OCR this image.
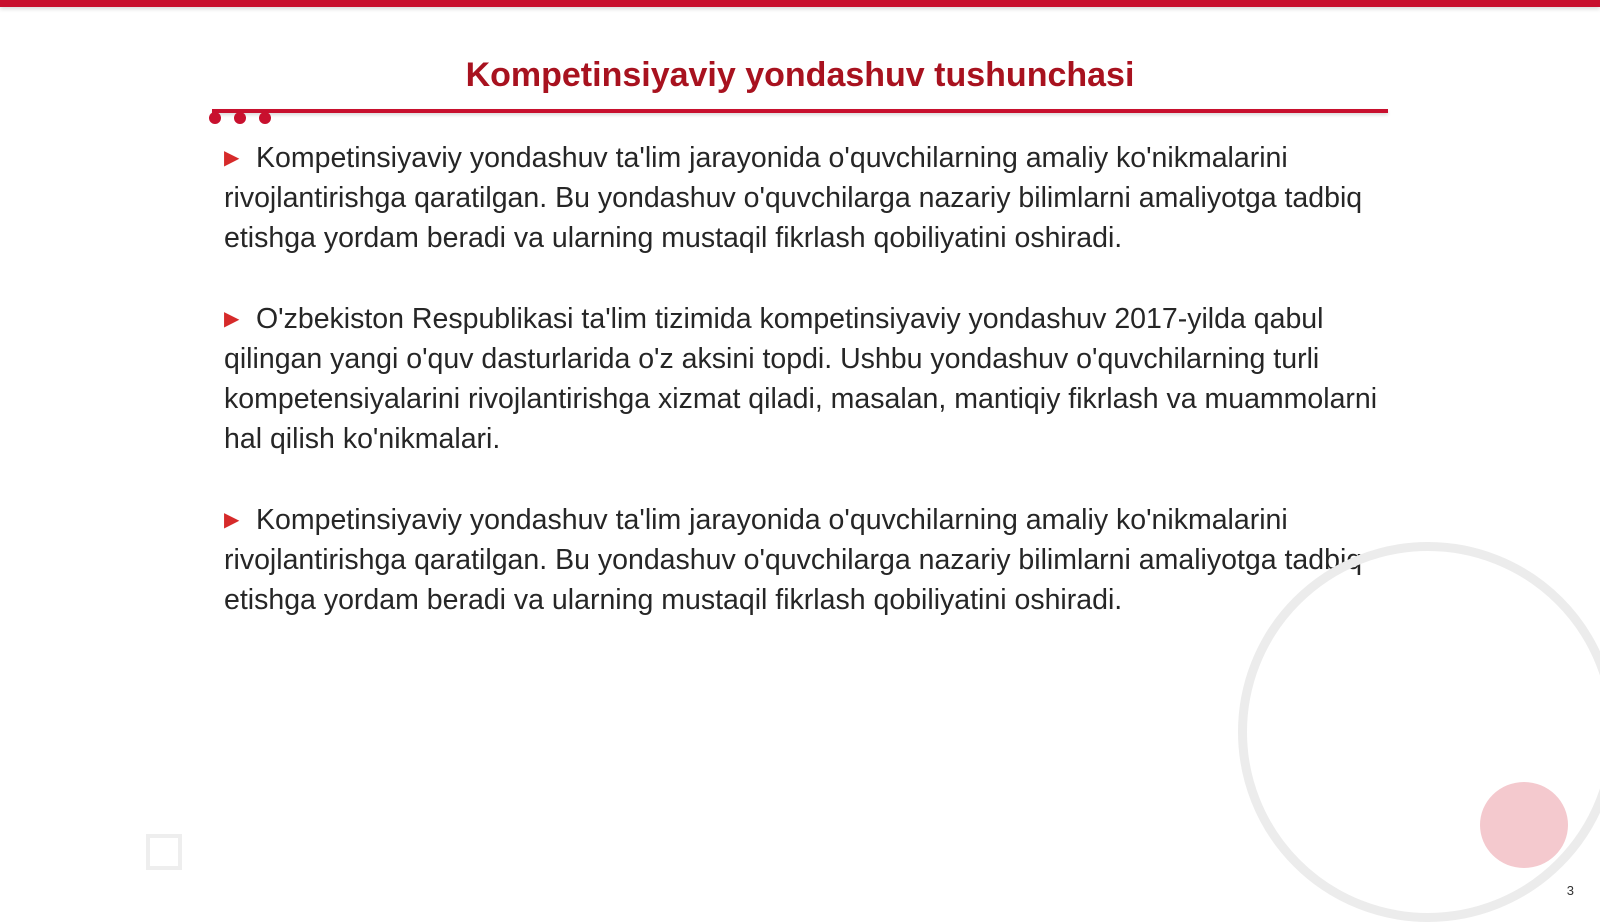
Kompetinsiyaviy yondashuv tushunchasi

▶ Kompetinsiyaviy yondashuv ta'lim jarayonida o'quvchilarning amaliy ko'nikmalarini rivojlantirishga qaratilgan. Bu yondashuv o'quvchilarga nazariy bilimlarni amaliyotga tadbiq etishga yordam beradi va ularning mustaqil fikrlash qobiliyatini oshiradi.

▶ O'zbekiston Respublikasi ta'lim tizimida kompetinsiyaviy yondashuv 2017-yilda qabul qilingan yangi o'quv dasturlarida o'z aksini topdi. Ushbu yondashuv o'quvchilarning turli kompetensiyalarini rivojlantirishga xizmat qiladi, masalan, mantiqiy fikrlash va muammolarni hal qilish ko'nikmalari.

▶ Kompetinsiyaviy yondashuv ta'lim jarayonida o'quvchilarning amaliy ko'nikmalarini rivojlantirishga qaratilgan. Bu yondashuv o'quvchilarga nazariy bilimlarni amaliyotga tadbiq etishga yordam beradi va ularning mustaqil fikrlash qobiliyatini oshiradi.

3
